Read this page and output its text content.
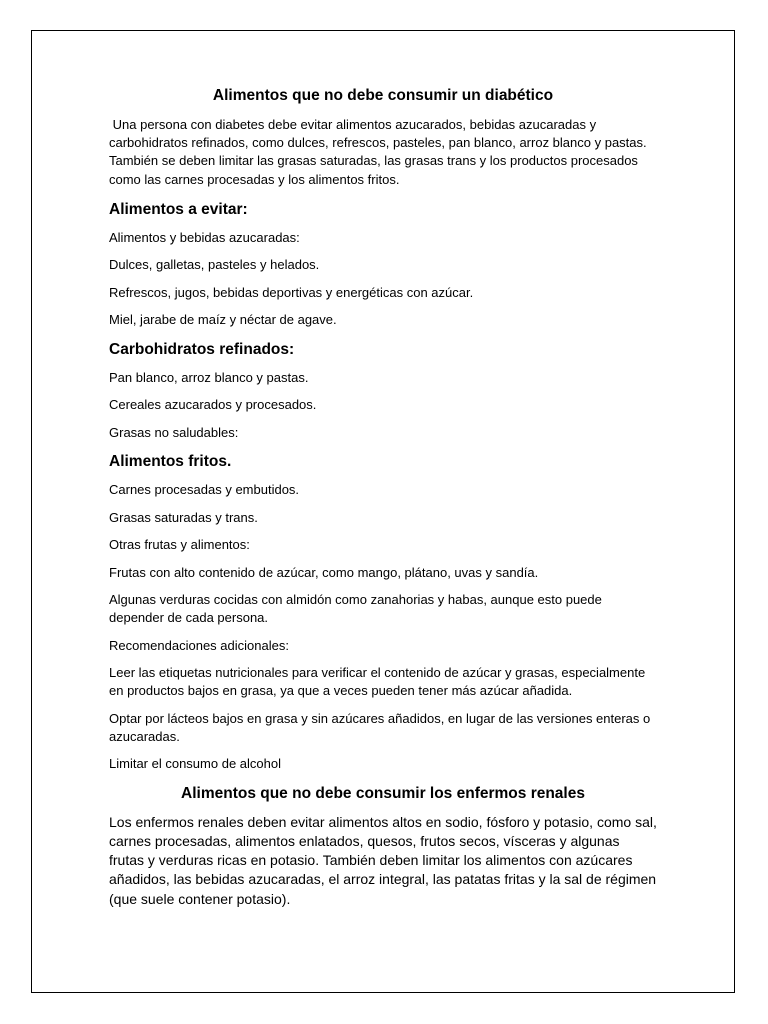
Alimentos que no debe consumir un diabético

Una persona con diabetes debe evitar alimentos azucarados, bebidas azucaradas y carbohidratos refinados, como dulces, refrescos, pasteles, pan blanco, arroz blanco y pastas. También se deben limitar las grasas saturadas, las grasas trans y los productos procesados como las carnes procesadas y los alimentos fritos.

Alimentos a evitar:

Alimentos y bebidas azucaradas:

Dulces, galletas, pasteles y helados.

Refrescos, jugos, bebidas deportivas y energéticas con azúcar.

Miel, jarabe de maíz y néctar de agave.

Carbohidratos refinados:

Pan blanco, arroz blanco y pastas.

Cereales azucarados y procesados.

Grasas no saludables:

Alimentos fritos.

Carnes procesadas y embutidos.

Grasas saturadas y trans.

Otras frutas y alimentos:

Frutas con alto contenido de azúcar, como mango, plátano, uvas y sandía.

Algunas verduras cocidas con almidón como zanahorias y habas, aunque esto puede depender de cada persona.

Recomendaciones adicionales:

Leer las etiquetas nutricionales para verificar el contenido de azúcar y grasas, especialmente en productos bajos en grasa, ya que a veces pueden tener más azúcar añadida.

Optar por lácteos bajos en grasa y sin azúcares añadidos, en lugar de las versiones enteras o azucaradas.

Limitar el consumo de alcohol

Alimentos que no debe consumir los enfermos renales

Los enfermos renales deben evitar alimentos altos en sodio, fósforo y potasio, como sal, carnes procesadas, alimentos enlatados, quesos, frutos secos, vísceras y algunas frutas y verduras ricas en potasio. También deben limitar los alimentos con azúcares añadidos, las bebidas azucaradas, el arroz integral, las patatas fritas y la sal de régimen (que suele contener potasio).
